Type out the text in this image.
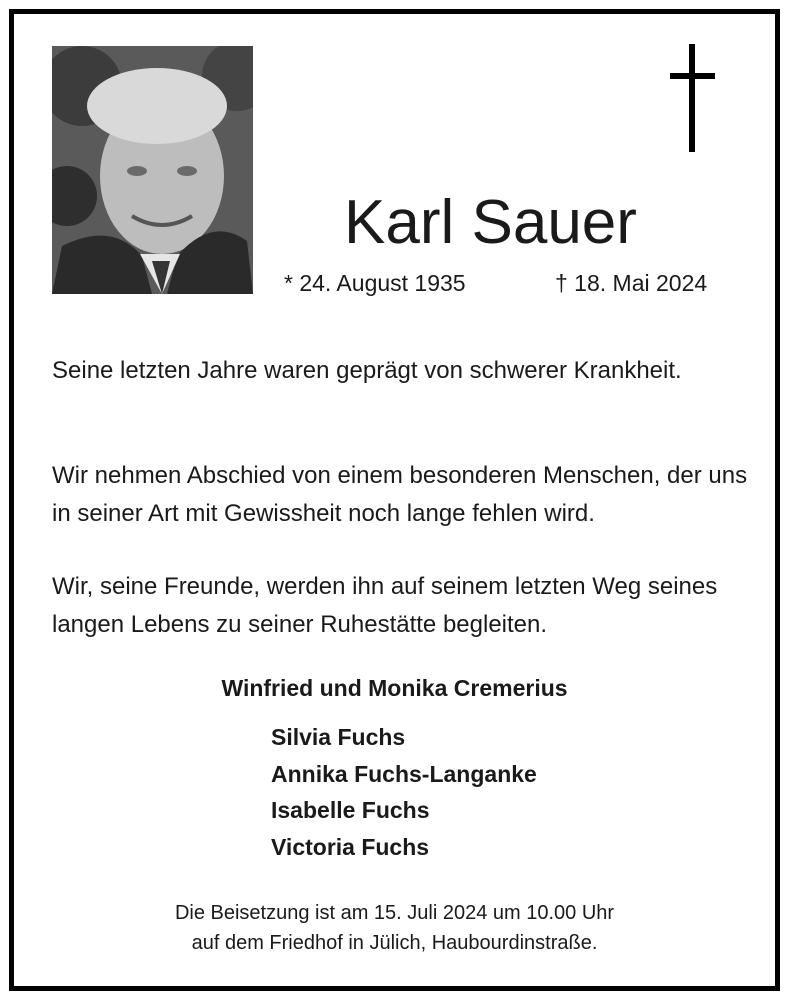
Karl Sauer
* 24. August 1935	† 18. Mai 2024
Seine letzten Jahre waren geprägt von schwerer Krankheit.
Wir nehmen Abschied von einem besonderen Menschen, der uns in seiner Art mit Gewissheit noch lange fehlen wird.
Wir, seine Freunde, werden ihn auf seinem letzten Weg seines langen Lebens zu seiner Ruhestätte begleiten.
Winfried und Monika Cremerius
Silvia Fuchs
Annika Fuchs-Langanke
Isabelle Fuchs
Victoria Fuchs
Die Beisetzung ist am 15. Juli 2024 um 10.00 Uhr
auf dem Friedhof in Jülich, Haubourdinstraße.
